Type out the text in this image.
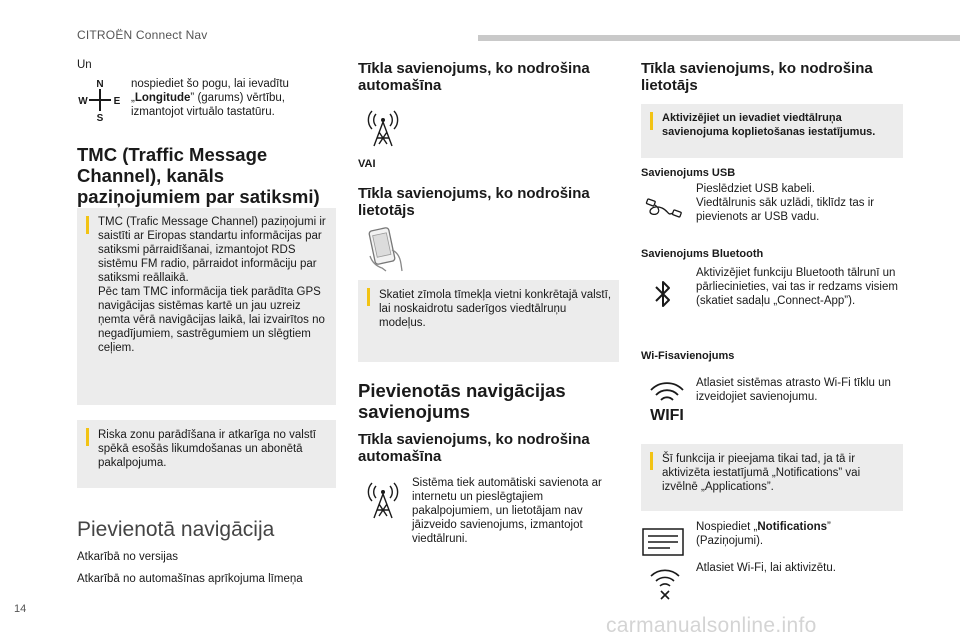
CITROËN Connect Nav
Un
N
S
W	E
nospiediet šo pogu, lai ievadītu „Longitude” (garums) vērtību, izmantojot virtuālo tastatūru.
TMC (Traffic Message Channel), kanāls paziņojumiem par satiksmi)
TMC (Trafic Message Channel) paziņojumi ir saistīti ar Eiropas standartu informācijas par satiksmi pārraidīšanai, izmantojot RDS sistēmu FM radio, pārraidot informāciju par satiksmi reāllaikā.
Pēc tam TMC informācija tiek parādīta GPS navigācijas sistēmas kartē un jau uzreiz ņemta vērā navigācijas laikā, lai izvairītos no negadījumiem, sastrēgumiem un slēgtiem ceļiem.
Riska zonu parādīšana ir atkarīga no valstī spēkā esošās likumdošanas un abonētā pakalpojuma.
Pievienotā navigācija
Atkarībā no versijas
Atkarībā no automašīnas aprīkojuma līmeņa
Tīkla savienojums, ko nodrošina automašīna
VAI
Tīkla savienojums, ko nodrošina lietotājs
Skatiet zīmola tīmekļa vietni konkrētajā valstī, lai noskaidrotu saderīgos viedtālruņu modeļus.
Pievienotās navigācijas savienojums
Tīkla savienojums, ko nodrošina automašīna
Sistēma tiek automātiski savienota ar internetu un pieslēgtajiem pakalpojumiem, un lietotājam nav jāizveido savienojums, izmantojot viedtālruni.
Tīkla savienojums, ko nodrošina lietotājs
Aktivizējiet un ievadiet viedtālruņa savienojuma koplietošanas iestatījumus.
Savienojums USB
Pieslēdziet USB kabeli.
Viedtālrunis sāk uzlādi, tiklīdz tas ir pievienots ar USB vadu.
Savienojums Bluetooth
Aktivizējiet funkciju Bluetooth tālrunī un pārliecinieties, vai tas ir redzams visiem (skatiet sadaļu „Connect-App”).
Wi-Fisavienojums
WIFI
Atlasiet sistēmas atrasto Wi-Fi tīklu un izveidojiet savienojumu.
Šī funkcija ir pieejama tikai tad, ja tā ir aktivizēta iestatījumā „Notifications” vai izvēlnē „Applications”.
Nospiediet „Notifications”
(Paziņojumi).
Atlasiet Wi-Fi, lai aktivizētu.
14
carmanualsonline.info
